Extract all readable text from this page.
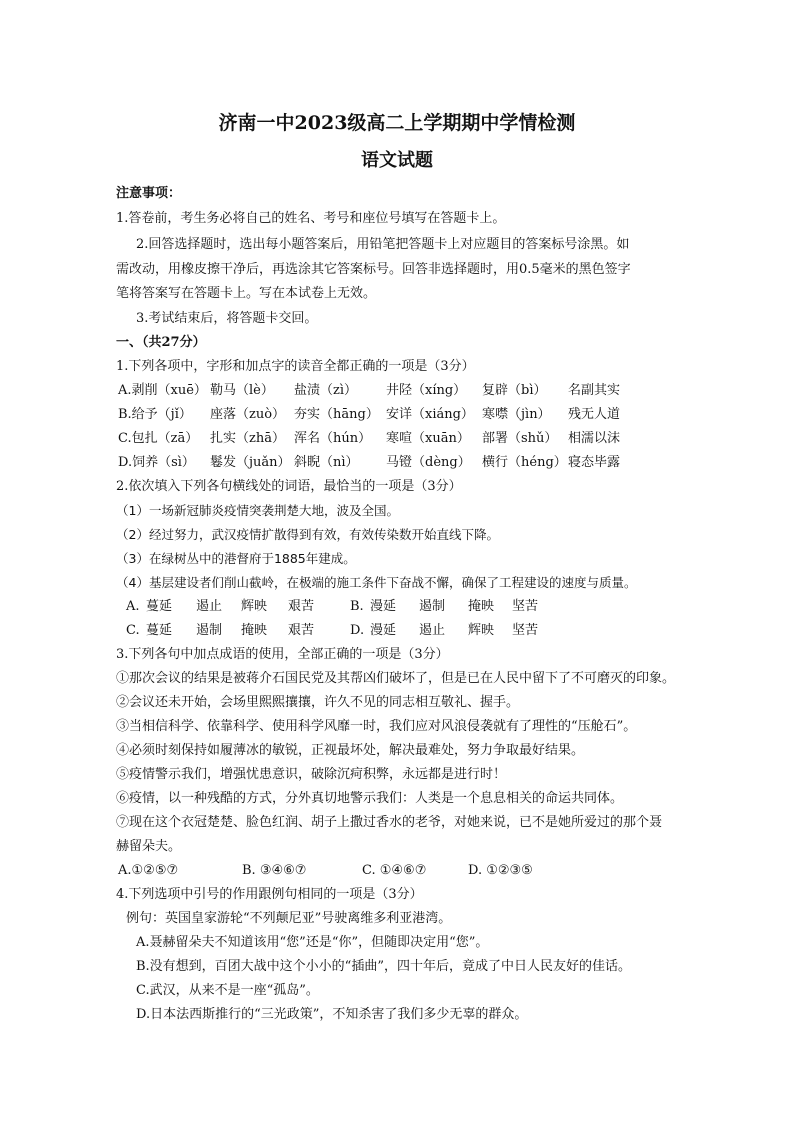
济南一中2023级高二上学期期中学情检测
语文试题
注意事项：
1.答卷前，考生务必将自己的姓名、考号和座位号填写在答题卡上。
2.回答选择题时，选出每小题答案后，用铅笔把答题卡上对应题目的答案标号涂黑。如
需改动，用橡皮擦干净后，再选涂其它答案标号。回答非选择题时，用0.5毫米的黑色签字
笔将答案写在答题卡上。写在本试卷上无效。
3.考试结束后，将答题卡交回。
一、（共27分）
1.下列各项中，字形和加点字的读音全都正确的一项是（3分）
A.剥削（xuē） 勒马（lè） 盐渍（zì） 井陉（xíng） 复辟（bì） 名副其实
B.给予（jǐ） 座落（zuò） 夯实（hāng） 安详（xiáng） 寒噤（jìn） 残无人道
C.包扎（zā） 扎实（zhā） 浑名（hún） 寒喧（xuān） 部署（shǔ） 相濡以沫
D.饲养（sì） 鬈发（juǎn） 斜睨（nì） 马镫（dèng） 横行（héng） 寝态毕露
2.依次填入下列各句横线处的词语，最恰当的一项是（3分）
（1）一场新冠肺炎疫情突袭荆楚大地，波及全国。
（2）经过努力，武汉疫情扩散得到有效，有效传染数开始直线下降。
（3）在绿树丛中的港督府于1885年建成。
（4）基层建设者们削山截岭，在极端的施工条件下奋战不懈，确保了工程建设的速度与质量。
A. 蔓延 遏止 辉映 艰苦	B. 漫延 遏制 掩映 坚苦
C. 蔓延 遏制 掩映 艰苦	D. 漫延 遏止 辉映 坚苦
3.下列各句中加点成语的使用，全部正确的一项是（3分）
①那次会议的结果是被蒋介石国民党及其帮凶们破坏了，但是已在人民中留下了不可磨灭的印象。
②会议还未开始，会场里熙熙攘攘，许久不见的同志相互敬礼、握手。
③当相信科学、依靠科学、使用科学风靡一时，我们应对风浪侵袭就有了理性的“压舱石”。
④必须时刻保持如履薄冰的敏锐，正视最坏处，解决最难处，努力争取最好结果。
⑤疫情警示我们，增强忧患意识，破除沉疴积弊，永远都是进行时！
⑥疫情，以一种残酷的方式，分外真切地警示我们：人类是一个息息相关的命运共同体。
⑦现在这个衣冠楚楚、脸色红润、胡子上撒过香水的老爷，对她来说，已不是她所爱过的那个聂
赫留朵夫。
A.①②⑤⑦	B. ③④⑥⑦	C. ①④⑥⑦	D. ①②③⑤
4.下列选项中引号的作用跟例句相同的一项是（3分）
例句：英国皇家游轮“不列颠尼亚”号驶离维多利亚港湾。
A.聂赫留朵夫不知道该用“您”还是“你”，但随即决定用“您”。
B.没有想到，百团大战中这个小小的“插曲”，四十年后，竟成了中日人民友好的佳话。
C.武汉，从来不是一座“孤岛”。
D.日本法西斯推行的“三光政策”，不知杀害了我们多少无辜的群众。
